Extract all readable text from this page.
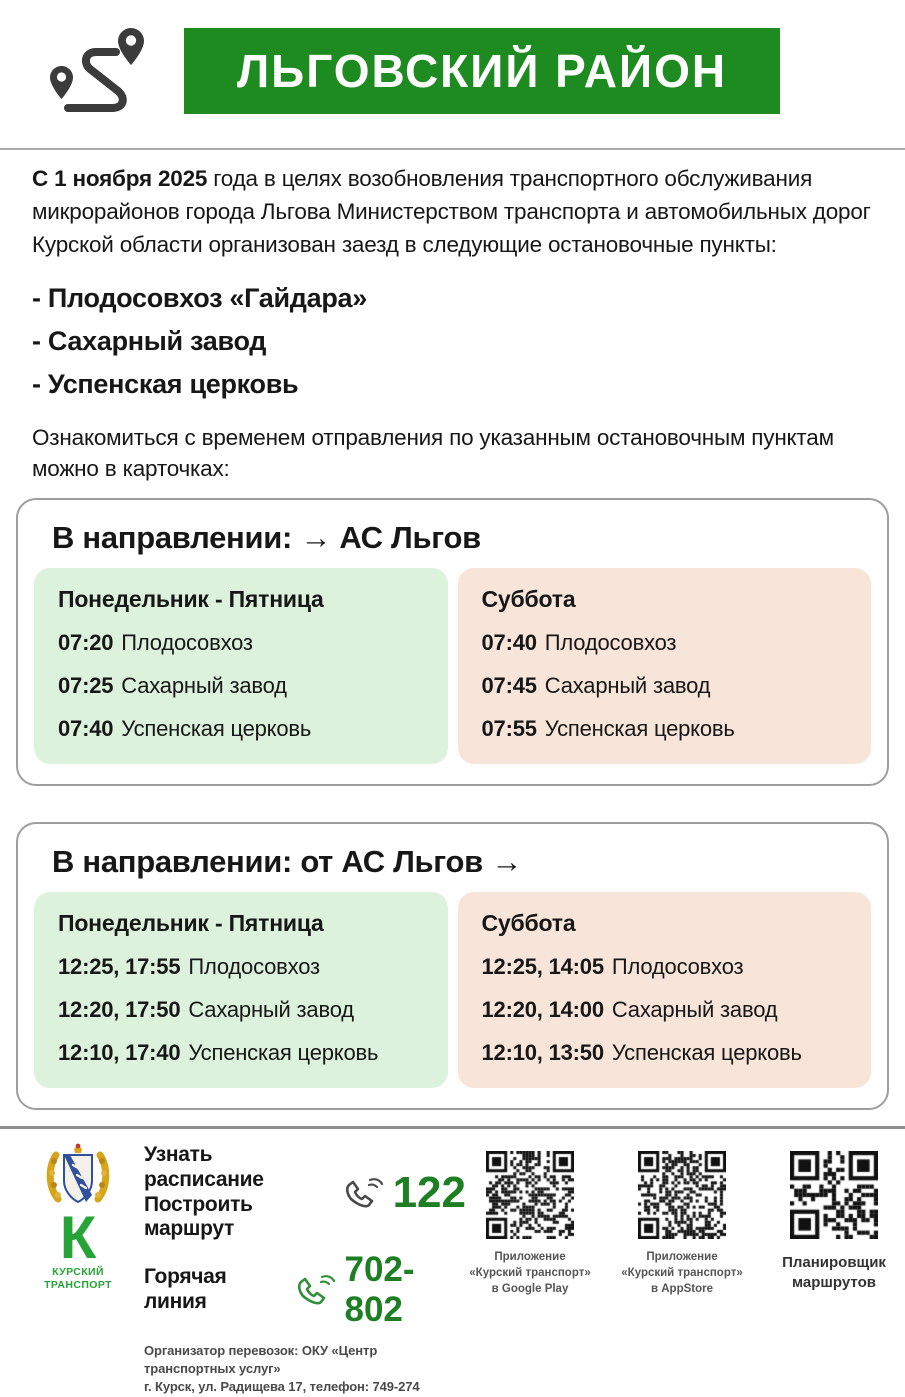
ЛЬГОВСКИЙ РАЙОН

С 1 ноября 2025 года в целях возобновления транспортного обслуживания микрорайонов города Льгова Министерством транспорта и автомобильных дорог Курской области организован заезд в следующие остановочные пункты:

- Плодосовхоз «Гайдара»
- Сахарный завод
- Успенская церковь

Ознакомиться с временем отправления по указанным остановочным пунктам можно в карточках:

В направлении: → АС Льгов
Понедельник - Пятница
07:20 Плодосовхоз
07:25 Сахарный завод
07:40 Успенская церковь
Суббота
07:40 Плодосовхоз
07:45 Сахарный завод
07:55 Успенская церковь
В направлении: от АС Льгов →
Понедельник - Пятница
12:25, 17:55 Плодосовхоз
12:20, 17:50 Сахарный завод
12:10, 17:40 Успенская церковь
Суббота
12:25, 14:05 Плодосовхоз
12:20, 14:00 Сахарный завод
12:10, 13:50 Успенская церковь
К
КУРСКИЙ
ТРАНСПОРТ
Узнать расписание
Построить маршрут
122
Горячая линия
702-802
Организатор перевозок: ОКУ «Центр транспортных услуг»
г. Курск, ул. Радищева 17, телефон: 749-274
Приложение
«Курский транспорт»
в Google Play
Приложение
«Курский транспорт»
в AppStore
Планировщик
маршрутов
